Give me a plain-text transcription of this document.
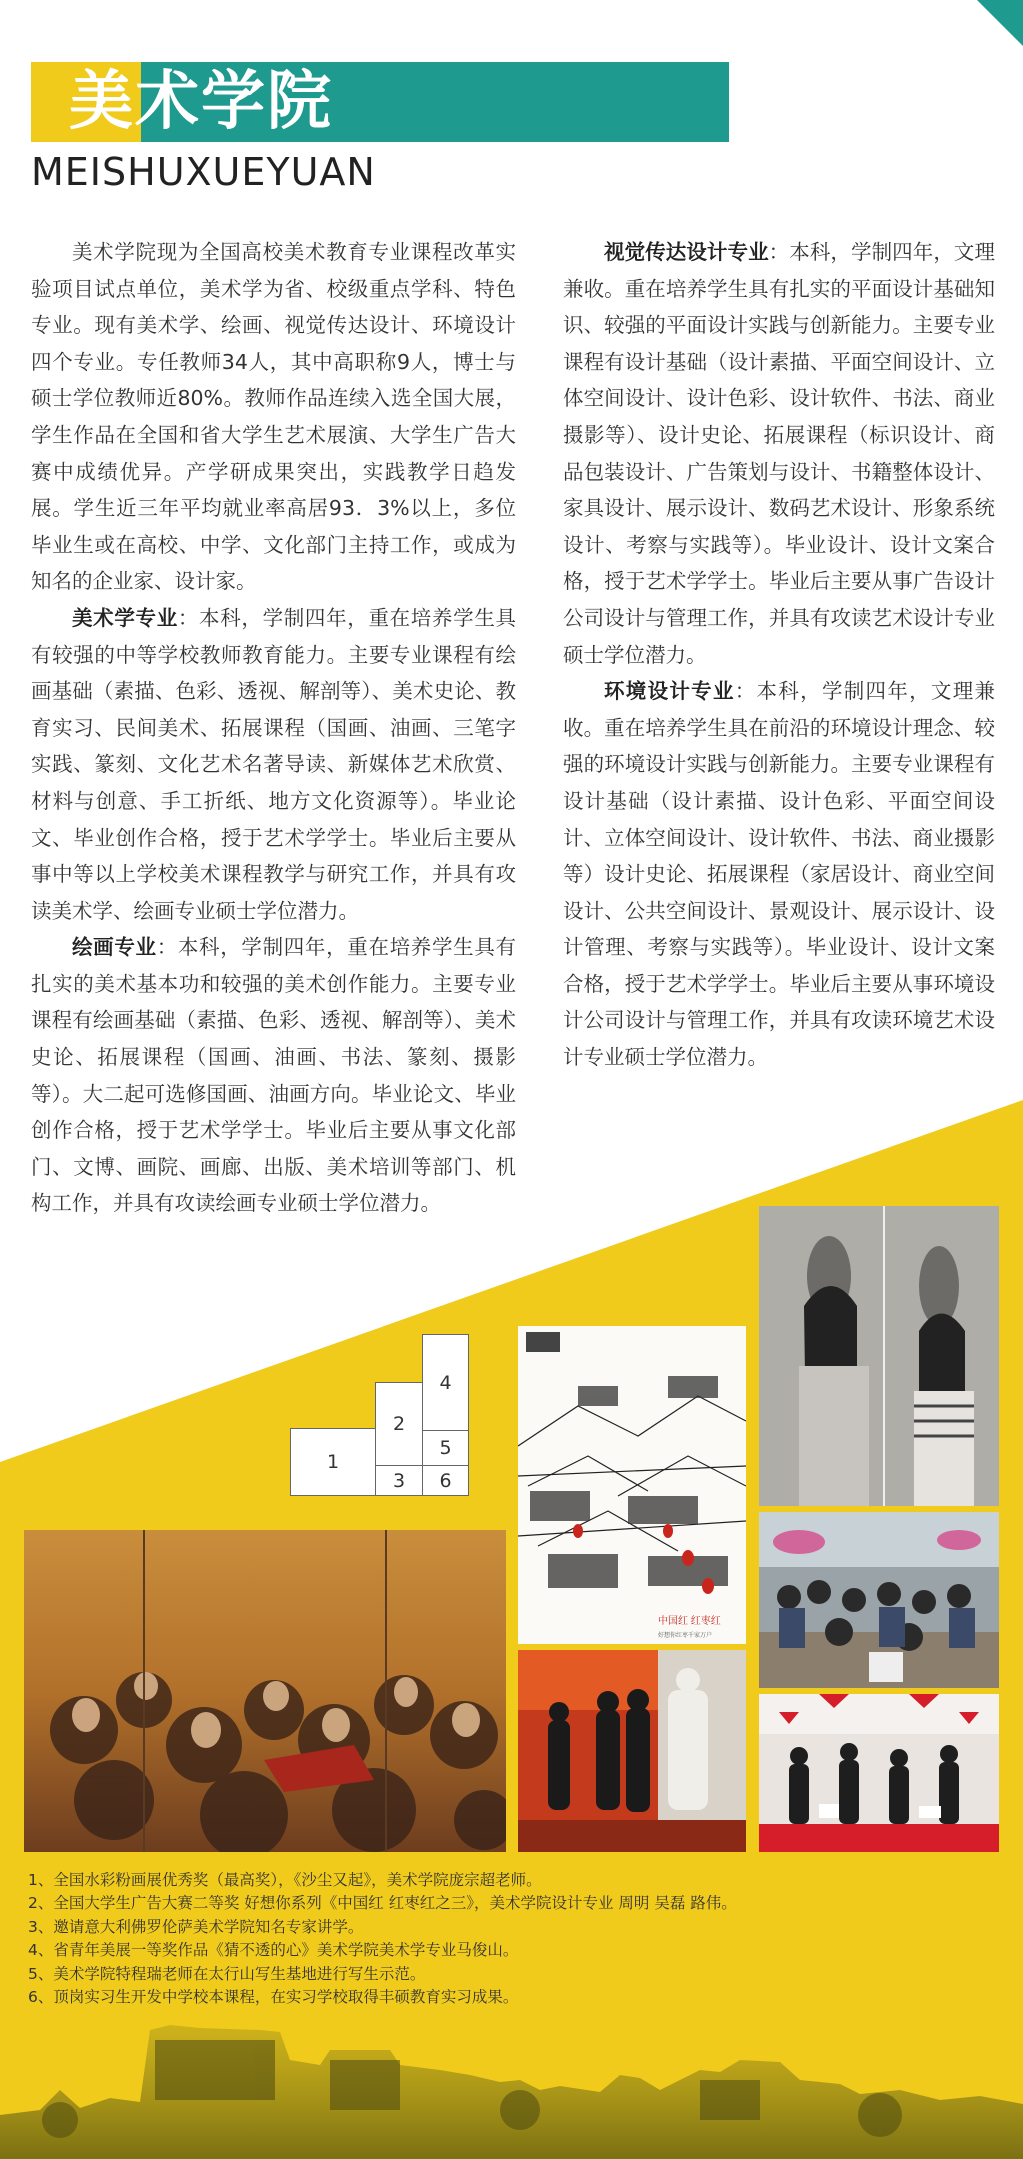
美术学院
MEISHUXUEYUAN

美术学院现为全国高校美术教育专业课程改革实验项目试点单位，美术学为省、校级重点学科、特色专业。现有美术学、绘画、视觉传达设计、环境设计四个专业。专任教师34人，其中高职称9人，博士与硕士学位教师近80%。教师作品连续入选全国大展，学生作品在全国和省大学生艺术展演、大学生广告大赛中成绩优异。产学研成果突出，实践教学日趋发展。学生近三年平均就业率高居93．3%以上，多位毕业生或在高校、中学、文化部门主持工作，或成为知名的企业家、设计家。

美术学专业：本科，学制四年，重在培养学生具有较强的中等学校教师教育能力。主要专业课程有绘画基础（素描、色彩、透视、解剖等）、美术史论、教育实习、民间美术、拓展课程（国画、油画、三笔字实践、篆刻、文化艺术名著导读、新媒体艺术欣赏、材料与创意、手工折纸、地方文化资源等）。毕业论文、毕业创作合格，授于艺术学学士。毕业后主要从事中等以上学校美术课程教学与研究工作，并具有攻读美术学、绘画专业硕士学位潜力。

绘画专业：本科，学制四年，重在培养学生具有扎实的美术基本功和较强的美术创作能力。主要专业课程有绘画基础（素描、色彩、透视、解剖等）、美术史论、拓展课程（国画、油画、书法、篆刻、摄影等）。大二起可选修国画、油画方向。毕业论文、毕业创作合格，授于艺术学学士。毕业后主要从事文化部门、文博、画院、画廊、出版、美术培训等部门、机构工作，并具有攻读绘画专业硕士学位潜力。

视觉传达设计专业：本科，学制四年，文理兼收。重在培养学生具有扎实的平面设计基础知识、较强的平面设计实践与创新能力。主要专业课程有设计基础（设计素描、平面空间设计、立体空间设计、设计色彩、设计软件、书法、商业摄影等）、设计史论、拓展课程（标识设计、商品包装设计、广告策划与设计、书籍整体设计、家具设计、展示设计、数码艺术设计、形象系统设计、考察与实践等）。毕业设计、设计文案合格，授于艺术学学士。毕业后主要从事广告设计公司设计与管理工作，并具有攻读艺术设计专业硕士学位潜力。

环境设计专业：本科，学制四年，文理兼收。重在培养学生具在前沿的环境设计理念、较强的环境设计实践与创新能力。主要专业课程有设计基础（设计素描、设计色彩、平面空间设计、立体空间设计、设计软件、书法、商业摄影等）设计史论、拓展课程（家居设计、商业空间设计、公共空间设计、景观设计、展示设计、设计管理、考察与实践等）。毕业设计、设计文案合格，授于艺术学学士。毕业后主要从事环境设计公司设计与管理工作，并具有攻读环境艺术设计专业硕士学位潜力。

1
2
3
4
5
6
中国红 红枣红
好想你红枣千家万户
1、全国水彩粉画展优秀奖（最高奖），《沙尘又起》，美术学院庞宗超老师。
2、全国大学生广告大赛二等奖 好想你系列《中国红 红枣红之三》，美术学院设计专业 周明 吴磊 路伟。
3、邀请意大利佛罗伦萨美术学院知名专家讲学。
4、省青年美展一等奖作品《猜不透的心》美术学院美术学专业马俊山。
5、美术学院特程瑞老师在太行山写生基地进行写生示范。
6、顶岗实习生开发中学校本课程，在实习学校取得丰硕教育实习成果。
